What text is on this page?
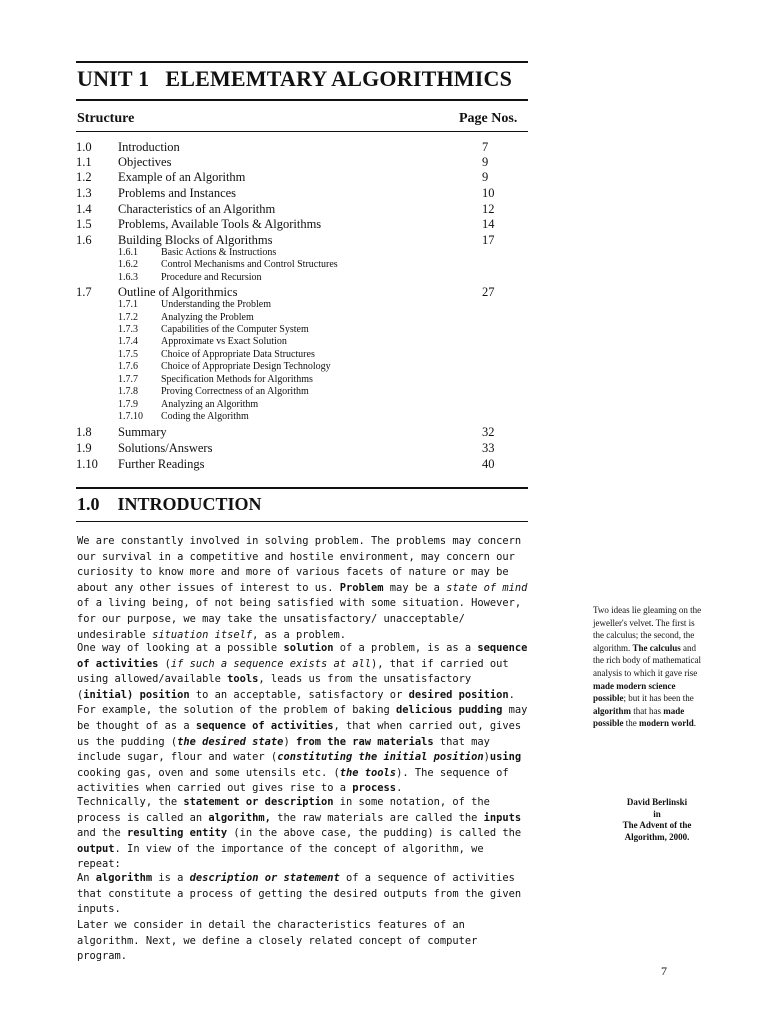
UNIT 1 ELEMEMTARY ALGORITHMICS
Structure	Page Nos.
1.0 Introduction	7
1.1 Objectives	9
1.2 Example of an Algorithm	9
1.3 Problems and Instances	10
1.4 Characteristics of an Algorithm	12
1.5 Problems, Available Tools & Algorithms	14
1.6 Building Blocks of Algorithms	17
1.6.1 Basic Actions & Instructions
1.6.2 Control Mechanisms and Control Structures
1.6.3 Procedure and Recursion
1.7 Outline of Algorithmics	27
1.7.1 Understanding the Problem
1.7.2 Analyzing the Problem
1.7.3 Capabilities of the Computer System
1.7.4 Approximate vs Exact Solution
1.7.5 Choice of Appropriate Data Structures
1.7.6 Choice of Appropriate Design Technology
1.7.7 Specification Methods for Algorithms
1.7.8 Proving Correctness of an Algorithm
1.7.9 Analyzing an Algorithm
1.7.10 Coding the Algorithm
1.8 Summary	32
1.9 Solutions/Answers	33
1.10 Further Readings	40
1.0 INTRODUCTION

We are constantly involved in solving problem. The problems may concern our survival in a competitive and hostile environment, may concern our curiosity to know more and more of various facets of nature or may be about any other issues of interest to us. Problem may be a state of mind of a living being, of not being satisfied with some situation. However, for our purpose, we may take the unsatisfactory/ unacceptable/ undesirable situation itself, as a problem.

One way of looking at a possible solution of a problem, is as a sequence of activities (if such a sequence exists at all), that if carried out using allowed/available tools, leads us from the unsatisfactory (initial) position to an acceptable, satisfactory or desired position. For example, the solution of the problem of baking delicious pudding may be thought of as a sequence of activities, that when carried out, gives us the pudding (the desired state) from the raw materials that may include sugar, flour and water (constituting the initial position)using cooking gas, oven and some utensils etc. (the tools). The sequence of activities when carried out gives rise to a process.

Technically, the statement or description in some notation, of the process is called an algorithm, the raw materials are called the inputs and the resulting entity (in the above case, the pudding) is called the output. In view of the importance of the concept of algorithm, we repeat:

An algorithm is a description or statement of a sequence of activities that constitute a process of getting the desired outputs from the given inputs.

Later we consider in detail the characteristics features of an algorithm. Next, we define a closely related concept of computer program.

Two ideas lie gleaming on the jeweller's velvet. The first is the calculus; the second, the algorithm. The calculus and the rich body of mathematical analysis to which it gave rise made modern science possible; but it has been the algorithm that has made possible the modern world.

David Berlinski
in
The Advent of the Algorithm, 2000.
7
